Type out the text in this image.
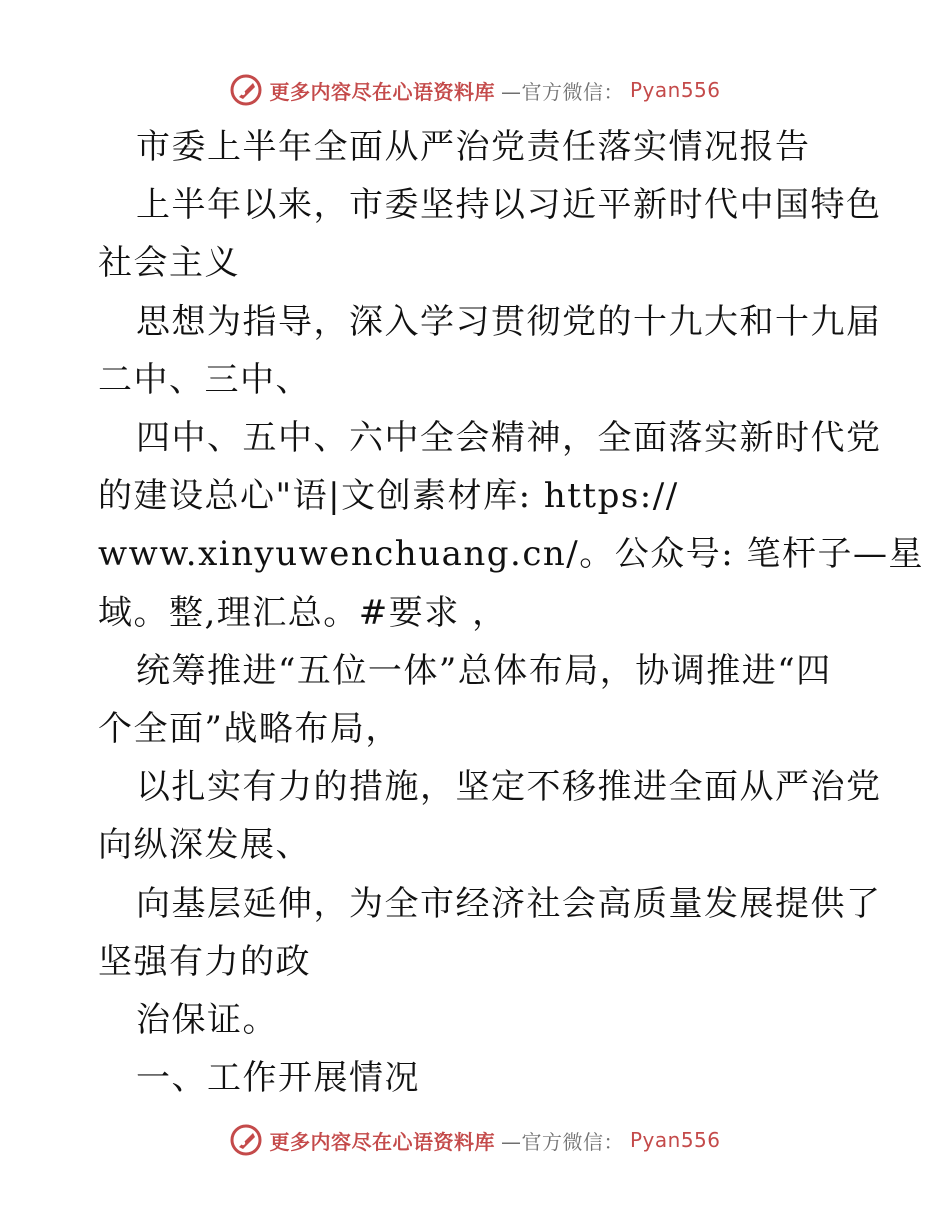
更多内容尽在心语资料库 —官方微信： Pyan556

市委上半年全面从严治党责任落实情况报告

上半年以来，市委坚持以习近平新时代中国特色

社会主义

思想为指导，深入学习贯彻党的十九大和十九届

二中、三中、

四中、五中、六中全会精神，全面落实新时代党

的建设总心"语|文创素材库: https://

www.xinyuwenchuang.cn/。公众号: 笔杆子—星

域。整,理汇总。#要求 ，

统筹推进“五位一体”总体布局，协调推进“四

个全面”战略布局，

以扎实有力的措施，坚定不移推进全面从严治党

向纵深发展、

向基层延伸，为全市经济社会高质量发展提供了

坚强有力的政

治保证。

一、工作开展情况

更多内容尽在心语资料库 —官方微信： Pyan556
